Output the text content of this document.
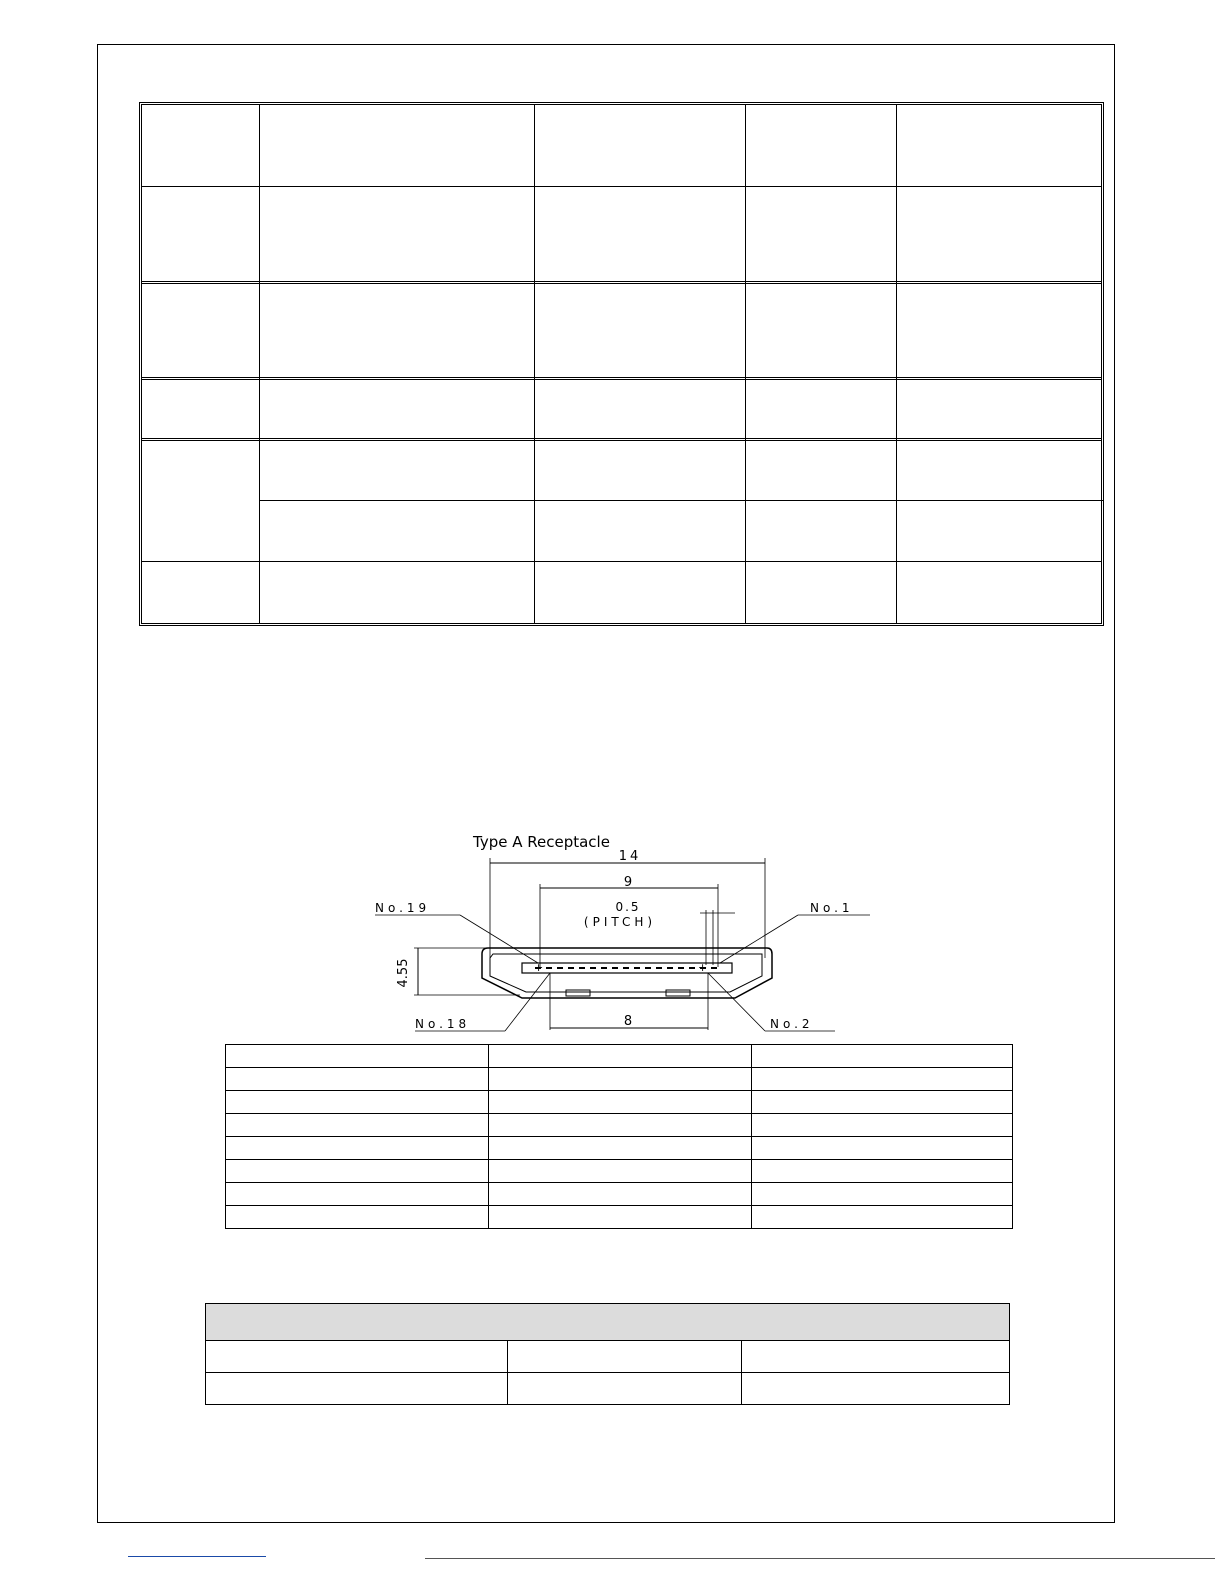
Type A Receptacle
14
9
0.5
(PITCH)
No.19	No.1
No.18	No.2
4.55	+
+
8
